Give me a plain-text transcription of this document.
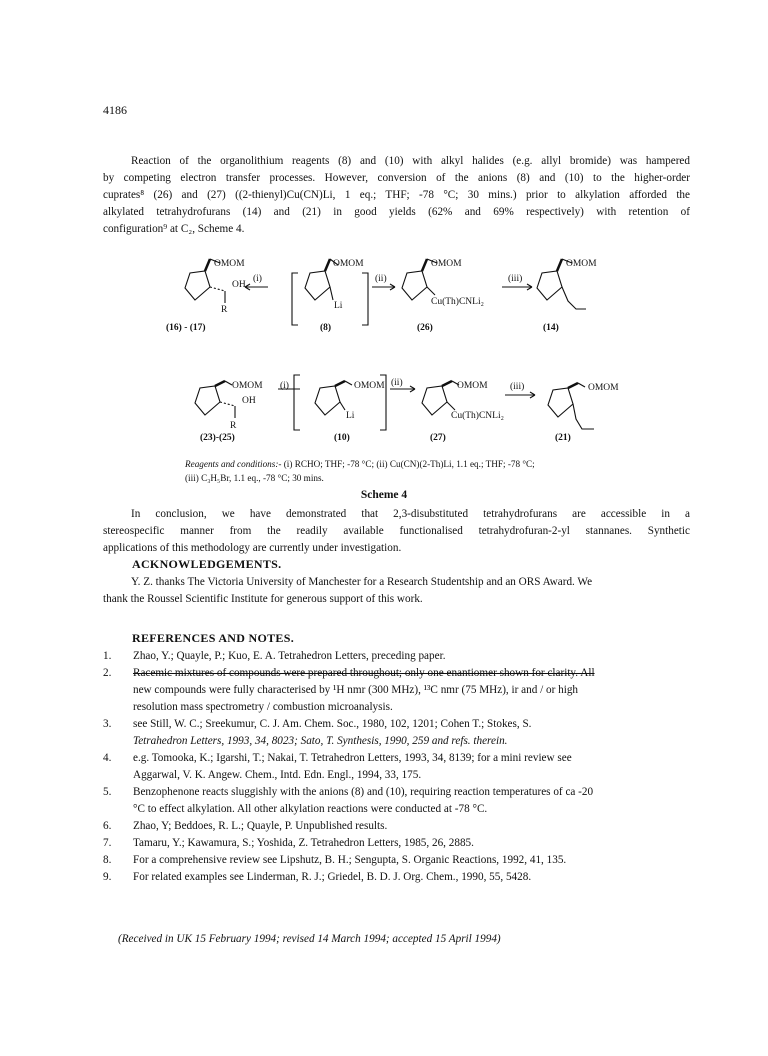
4186
Reaction of the organolithium reagents (8) and (10) with alkyl halides (e.g. allyl bromide) was hampered
by competing electron transfer processes. However, conversion of the anions (8) and (10) to the higher-order
cuprates⁸ (26) and (27) ((2-thienyl)Cu(CN)Li, 1 eq.; THF; -78 °C; 30 mins.) prior to alkylation afforded the
alkylated tetrahydrofurans (14) and (21) in good yields (62% and 69% respectively) with retention of
configuration⁹ at C₂, Scheme 4.
OMOM
OH
R
(i)
OMOM
Li
(ii)
OMOM
Cu(Th)CNLi₂
(iii)
OMOM
(16) - (17)	(8)	(26)	(14)
OMOM
OH
R
(i)	OMOM
Li
(ii)	OMOM
Cu(Th)CNLi₂
(iii)	OMOM
(23)-(25)	(10)	(27)	(21)
Reagents and conditions:- (i) RCHO; THF; -78 °C; (ii) Cu(CN)(2-Th)Li, 1.1 eq.; THF; -78 °C;
(iii) C₃H₅Br, 1.1 eq., -78 °C; 30 mins.
Scheme 4
In conclusion, we have demonstrated that 2,3-disubstituted tetrahydrofurans are accessible in a
stereospecific manner from the readily available functionalised tetrahydrofuran-2-yl stannanes. Synthetic
applications of this methodology are currently under investigation.
ACKNOWLEDGEMENTS.
Y. Z. thanks The Victoria University of Manchester for a Research Studentship and an ORS Award. We
thank the Roussel Scientific Institute for generous support of this work.
REFERENCES AND NOTES.
1. Zhao, Y.; Quayle, P.; Kuo, E. A. Tetrahedron Letters, preceding paper.
2. Racemic mixtures of compounds were prepared throughout; only one enantiomer shown for clarity. All
new compounds were fully characterised by ¹H nmr (300 MHz), ¹³C nmr (75 MHz), ir and / or high
resolution mass spectrometry / combustion microanalysis.
3. see Still, W. C.; Sreekumur, C. J. Am. Chem. Soc., 1980, 102, 1201; Cohen T.; Stokes, S.
Tetrahedron Letters, 1993, 34, 8023; Sato, T. Synthesis, 1990, 259 and refs. therein.
4. e.g. Tomooka, K.; Igarshi, T.; Nakai, T. Tetrahedron Letters, 1993, 34, 8139; for a mini review see
Aggarwal, V. K. Angew. Chem., Intd. Edn. Engl., 1994, 33, 175.
5. Benzophenone reacts sluggishly with the anions (8) and (10), requiring reaction temperatures of ca -20
°C to effect alkylation. All other alkylation reactions were conducted at -78 °C.
6. Zhao, Y; Beddoes, R. L.; Quayle, P. Unpublished results.
7. Tamaru, Y.; Kawamura, S.; Yoshida, Z. Tetrahedron Letters, 1985, 26, 2885.
8. For a comprehensive review see Lipshutz, B. H.; Sengupta, S. Organic Reactions, 1992, 41, 135.
9. For related examples see Linderman, R. J.; Griedel, B. D. J. Org. Chem., 1990, 55, 5428.
(Received in UK 15 February 1994; revised 14 March 1994; accepted 15 April 1994)
